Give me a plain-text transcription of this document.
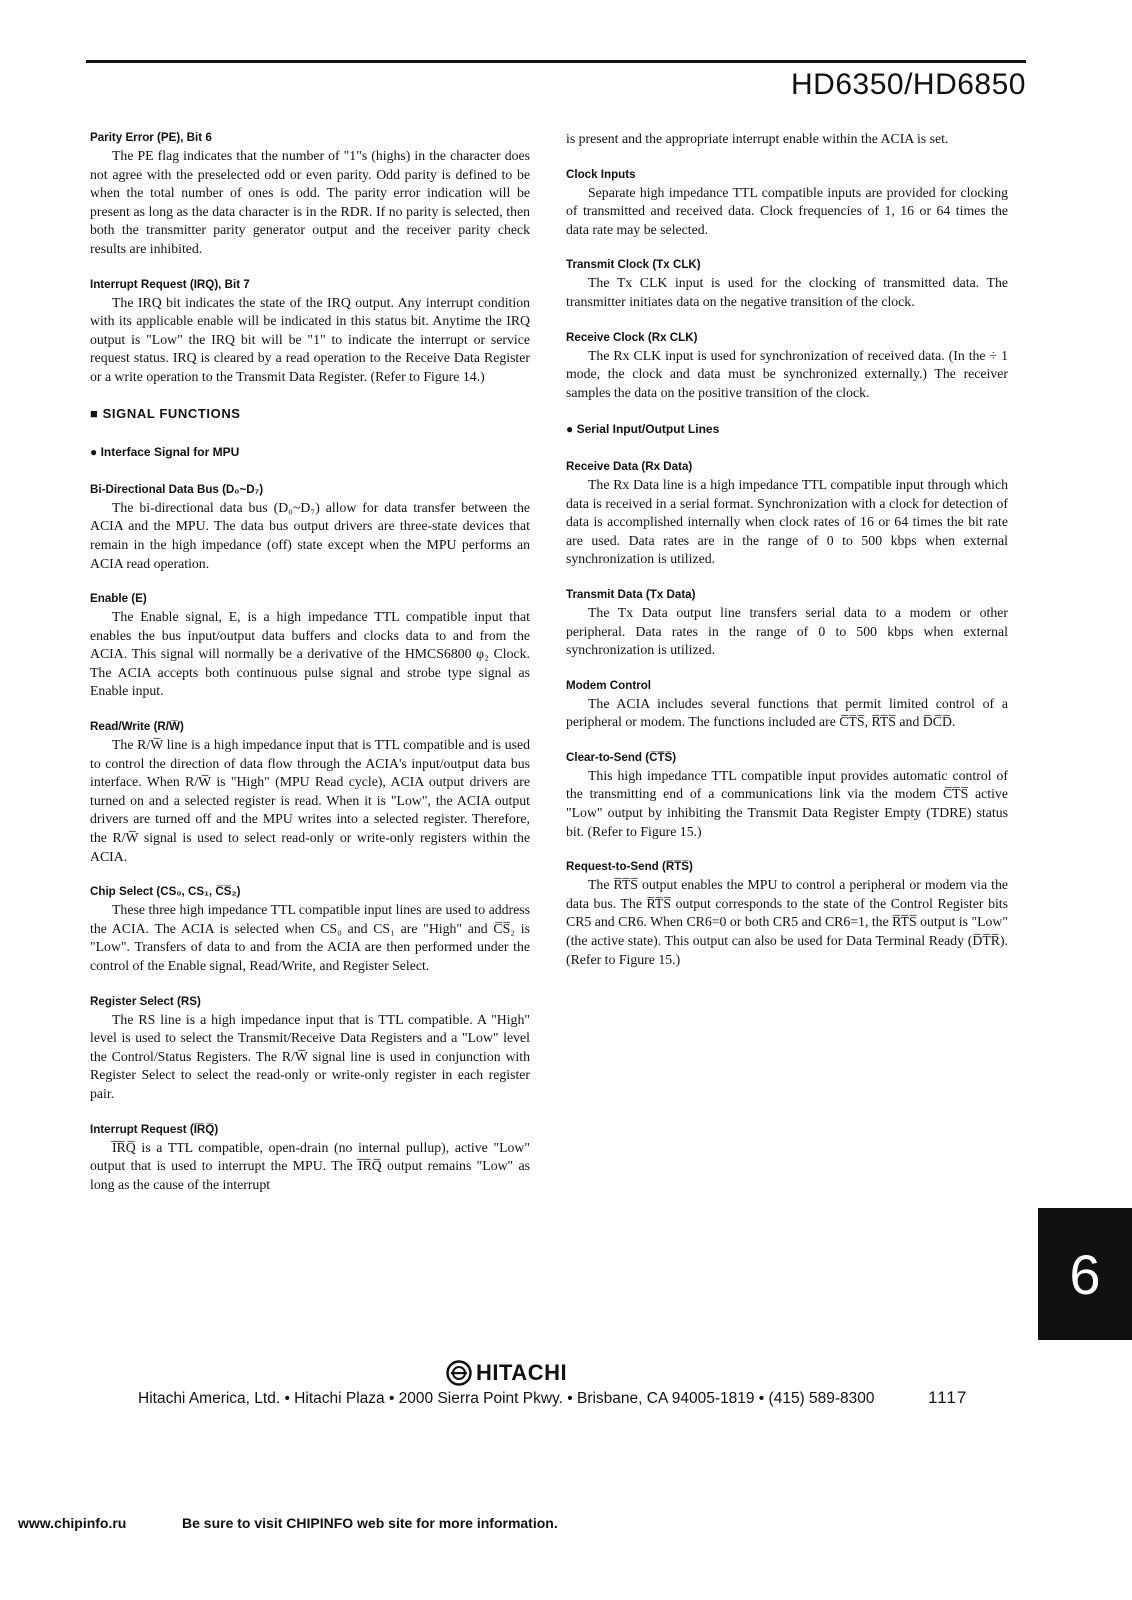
HD6350/HD6850
Parity Error (PE), Bit 6

The PE flag indicates that the number of "1"s (highs) in the character does not agree with the preselected odd or even parity. Odd parity is defined to be when the total number of ones is odd. The parity error indication will be present as long as the data character is in the RDR. If no parity is selected, then both the transmitter parity generator output and the receiver parity check results are inhibited.

Interrupt Request (IRQ), Bit 7

The IRQ bit indicates the state of the IRQ output. Any interrupt condition with its applicable enable will be indicated in this status bit. Anytime the IRQ output is "Low" the IRQ bit will be "1" to indicate the interrupt or service request status. IRQ is cleared by a read operation to the Receive Data Register or a write operation to the Transmit Data Register. (Refer to Figure 14.)

■ SIGNAL FUNCTIONS
● Interface Signal for MPU
Bi-Directional Data Bus (D₀~D₇)

The bi-directional data bus (D₀~D₇) allow for data transfer between the ACIA and the MPU. The data bus output drivers are three-state devices that remain in the high impedance (off) state except when the MPU performs an ACIA read operation.

Enable (E)

The Enable signal, E, is a high impedance TTL compatible input that enables the bus input/output data buffers and clocks data to and from the ACIA. This signal will normally be a derivative of the HMCS6800 φ₂ Clock. The ACIA accepts both continuous pulse signal and strobe type signal as Enable input.

Read/Write (R/W̅)

The R/W̅ line is a high impedance input that is TTL compatible and is used to control the direction of data flow through the ACIA's input/output data bus interface. When R/W̅ is "High" (MPU Read cycle), ACIA output drivers are turned on and a selected register is read. When it is "Low", the ACIA output drivers are turned off and the MPU writes into a selected register. Therefore, the R/W̅ signal is used to select read-only or write-only registers within the ACIA.

Chip Select (CS₀, CS₁, C̅S̅₂)

These three high impedance TTL compatible input lines are used to address the ACIA. The ACIA is selected when CS₀ and CS₁ are "High" and C̅S̅₂ is "Low". Transfers of data to and from the ACIA are then performed under the control of the Enable signal, Read/Write, and Register Select.

Register Select (RS)

The RS line is a high impedance input that is TTL compatible. A "High" level is used to select the Transmit/Receive Data Registers and a "Low" level the Control/Status Registers. The R/W̅ signal line is used in conjunction with Register Select to select the read-only or write-only register in each register pair.

Interrupt Request (I̅R̅Q̅)

I̅R̅Q̅ is a TTL compatible, open-drain (no internal pullup), active "Low" output that is used to interrupt the MPU. The I̅R̅Q̅ output remains "Low" as long as the cause of the interrupt

is present and the appropriate interrupt enable within the ACIA is set.

Clock Inputs

Separate high impedance TTL compatible inputs are provided for clocking of transmitted and received data. Clock frequencies of 1, 16 or 64 times the data rate may be selected.

Transmit Clock (Tx CLK)

The Tx CLK input is used for the clocking of transmitted data. The transmitter initiates data on the negative transition of the clock.

Receive Clock (Rx CLK)

The Rx CLK input is used for synchronization of received data. (In the ÷ 1 mode, the clock and data must be synchronized externally.) The receiver samples the data on the positive transition of the clock.

● Serial Input/Output Lines
Receive Data (Rx Data)

The Rx Data line is a high impedance TTL compatible input through which data is received in a serial format. Synchronization with a clock for detection of data is accomplished internally when clock rates of 16 or 64 times the bit rate are used. Data rates are in the range of 0 to 500 kbps when external synchronization is utilized.

Transmit Data (Tx Data)

The Tx Data output line transfers serial data to a modem or other peripheral. Data rates in the range of 0 to 500 kbps when external synchronization is utilized.

Modem Control

The ACIA includes several functions that permit limited control of a peripheral or modem. The functions included are C̅T̅S̅, R̅T̅S̅ and D̅C̅D̅.

Clear-to-Send (C̅T̅S̅)

This high impedance TTL compatible input provides automatic control of the transmitting end of a communications link via the modem C̅T̅S̅ active "Low" output by inhibiting the Transmit Data Register Empty (TDRE) status bit. (Refer to Figure 15.)

Request-to-Send (R̅T̅S̅)

The R̅T̅S̅ output enables the MPU to control a peripheral or modem via the data bus. The R̅T̅S̅ output corresponds to the state of the Control Register bits CR5 and CR6. When CR6=0 or both CR5 and CR6=1, the R̅T̅S̅ output is "Low" (the active state). This output can also be used for Data Terminal Ready (D̅T̅R̅). (Refer to Figure 15.)

6
HITACHI
Hitachi America, Ltd. • Hitachi Plaza • 2000 Sierra Point Pkwy. • Brisbane, CA 94005-1819 • (415) 589-8300	1117
www.chipinfo.ru	Be sure to visit CHIPINFO web site for more information.
